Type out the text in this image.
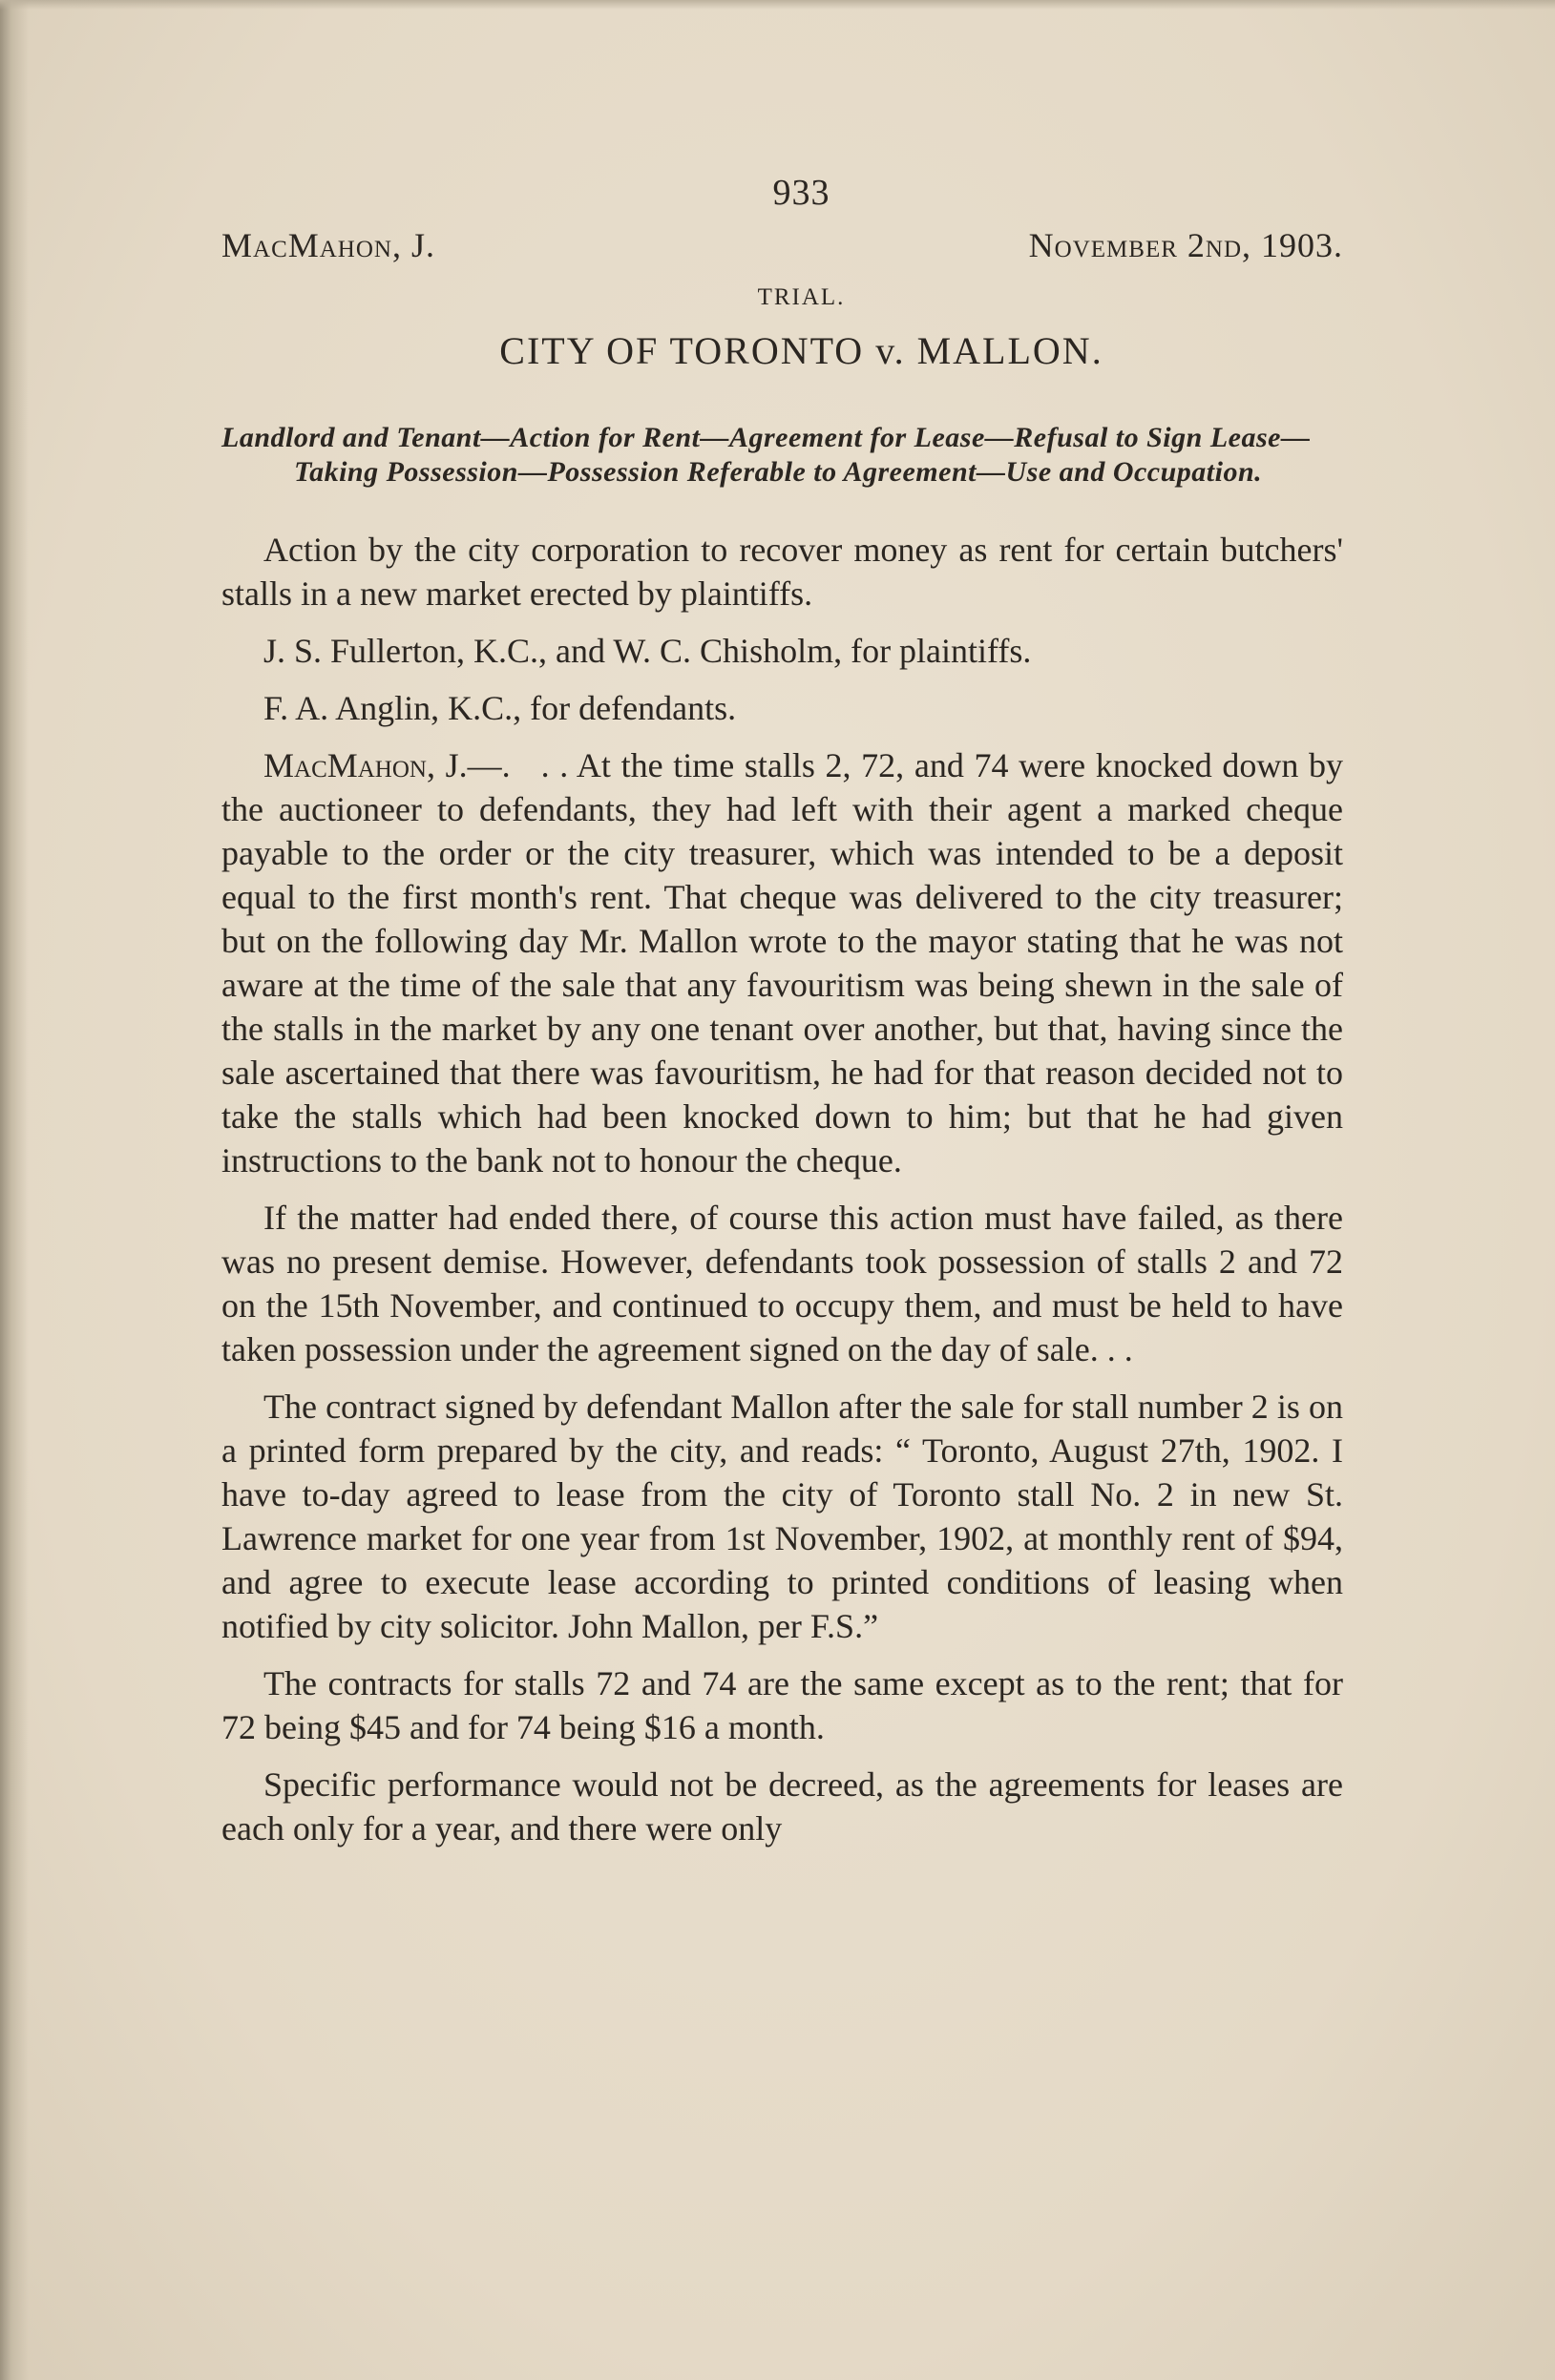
933
MacMahon, J.	November 2nd, 1903.
TRIAL.
CITY OF TORONTO v. MALLON.
Landlord and Tenant—Action for Rent—Agreement for Lease—Refusal to Sign Lease—Taking Possession—Possession Referable to Agreement—Use and Occupation.

Action by the city corporation to recover money as rent for certain butchers' stalls in a new market erected by plaintiffs.

J. S. Fullerton, K.C., and W. C. Chisholm, for plaintiffs.

F. A. Anglin, K.C., for defendants.

MacMahon, J.—. . . At the time stalls 2, 72, and 74 were knocked down by the auctioneer to defendants, they had left with their agent a marked cheque payable to the order or the city treasurer, which was intended to be a deposit equal to the first month's rent. That cheque was delivered to the city treasurer; but on the following day Mr. Mallon wrote to the mayor stating that he was not aware at the time of the sale that any favouritism was being shewn in the sale of the stalls in the market by any one tenant over another, but that, having since the sale ascertained that there was favouritism, he had for that reason decided not to take the stalls which had been knocked down to him; but that he had given instructions to the bank not to honour the cheque.

If the matter had ended there, of course this action must have failed, as there was no present demise. However, defendants took possession of stalls 2 and 72 on the 15th November, and continued to occupy them, and must be held to have taken possession under the agreement signed on the day of sale. . .

The contract signed by defendant Mallon after the sale for stall number 2 is on a printed form prepared by the city, and reads: “ Toronto, August 27th, 1902. I have to-day agreed to lease from the city of Toronto stall No. 2 in new St. Lawrence market for one year from 1st November, 1902, at monthly rent of $94, and agree to execute lease according to printed conditions of leasing when notified by city solicitor. John Mallon, per F.S.”

The contracts for stalls 72 and 74 are the same except as to the rent; that for 72 being $45 and for 74 being $16 a month.

Specific performance would not be decreed, as the agreements for leases are each only for a year, and there were only
